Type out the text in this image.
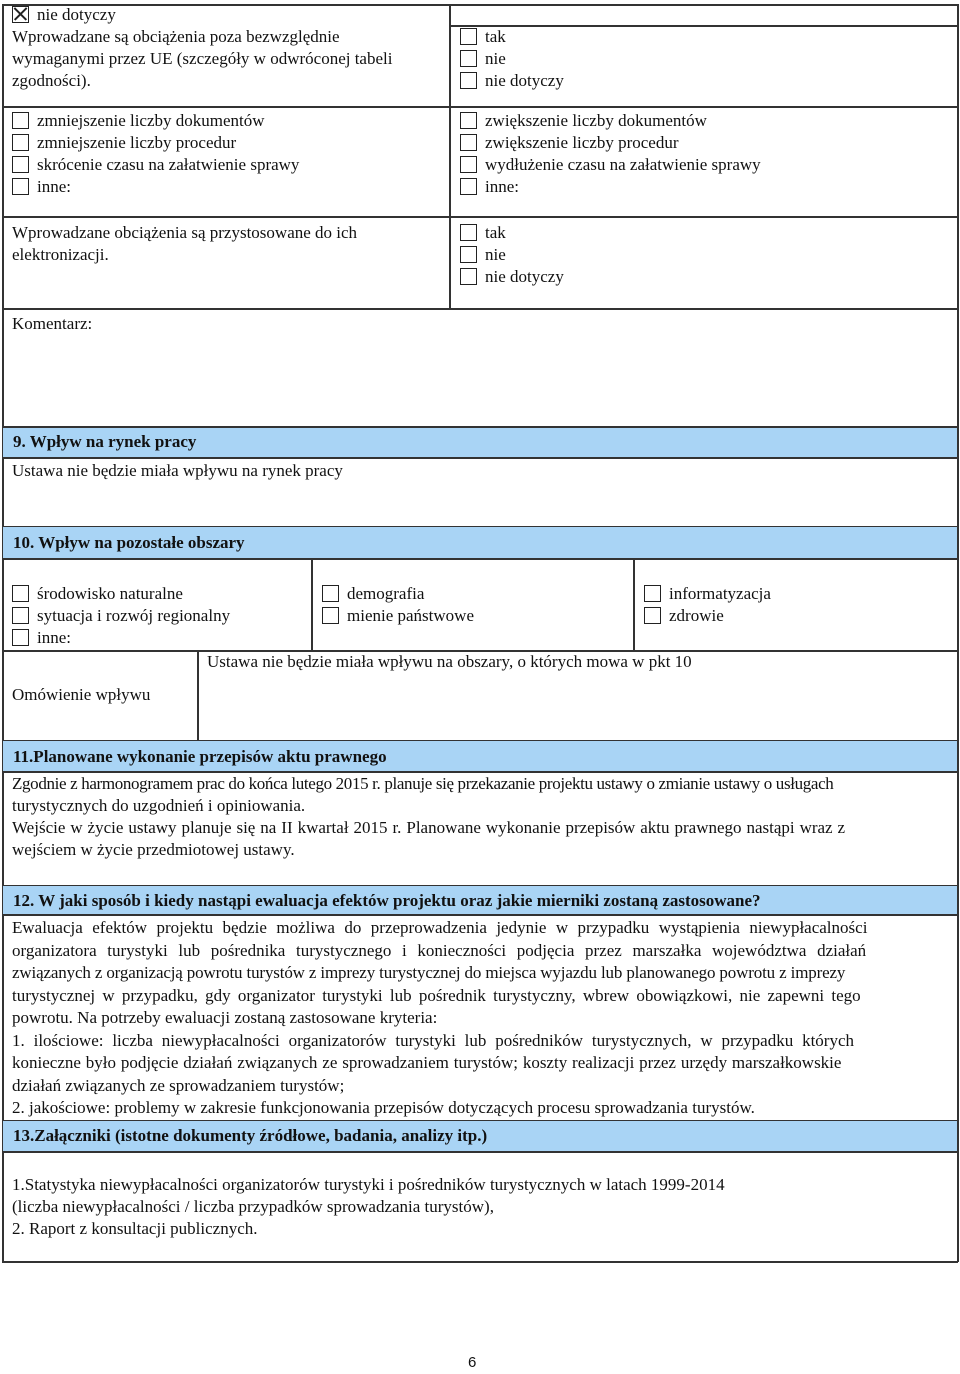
nie dotyczy
Wprowadzane są obciążenia poza bezwzględnie
wymaganymi przez UE (szczegóły w odwróconej tabeli
zgodności).
zmniejszenie liczby dokumentów
zmniejszenie liczby procedur
skrócenie czasu na załatwienie sprawy
inne:
Wprowadzane obciążenia są przystosowane do ich
elektronizacji.
tak
nie
nie dotyczy
zwiększenie liczby dokumentów
zwiększenie liczby procedur
wydłużenie czasu na załatwienie sprawy
inne:
tak
nie
nie dotyczy
Komentarz:
9. Wpływ na rynek pracy
Ustawa nie będzie miała wpływu na rynek pracy
10. Wpływ na pozostałe obszary
środowisko naturalne
sytuacja i rozwój regionalny
inne:
demografia
mienie państwowe
informatyzacja
zdrowie
Omówienie wpływu
Ustawa nie będzie miała wpływu na obszary, o których mowa w pkt 10
11.Planowane wykonanie przepisów aktu prawnego
Zgodnie z harmonogramem prac do końca lutego 2015 r. planuje się przekazanie projektu ustawy o zmianie ustawy o usługach
turystycznych do uzgodnień i opiniowania.
Wejście w życie ustawy planuje się na II kwartał 2015 r. Planowane wykonanie przepisów aktu prawnego nastąpi wraz z
wejściem w życie przedmiotowej ustawy.
12. W jaki sposób i kiedy nastąpi ewaluacja efektów projektu oraz jakie mierniki zostaną zastosowane?
Ewaluacja efektów projektu będzie możliwa do przeprowadzenia jedynie w przypadku wystąpienia niewypłacalności
organizatora turystyki lub pośrednika turystycznego i konieczności podjęcia przez marszałka województwa działań
związanych z organizacją powrotu turystów z imprezy turystycznej do miejsca wyjazdu lub planowanego powrotu z imprezy
turystycznej w przypadku, gdy organizator turystyki lub pośrednik turystyczny, wbrew obowiązkowi, nie zapewni tego
powrotu. Na potrzeby ewaluacji zostaną zastosowane kryteria:
1. ilościowe: liczba niewypłacalności organizatorów turystyki lub pośredników turystycznych, w przypadku których
konieczne było podjęcie działań związanych ze sprowadzaniem turystów; koszty realizacji przez urzędy marszałkowskie
działań związanych ze sprowadzaniem turystów;
2. jakościowe: problemy w zakresie funkcjonowania przepisów dotyczących procesu sprowadzania turystów.
13.Załączniki (istotne dokumenty źródłowe, badania, analizy itp.)
1.Statystyka niewypłacalności organizatorów turystyki i pośredników turystycznych w latach 1999-2014
(liczba niewypłacalności / liczba przypadków sprowadzania turystów),
2. Raport z konsultacji publicznych.
6
